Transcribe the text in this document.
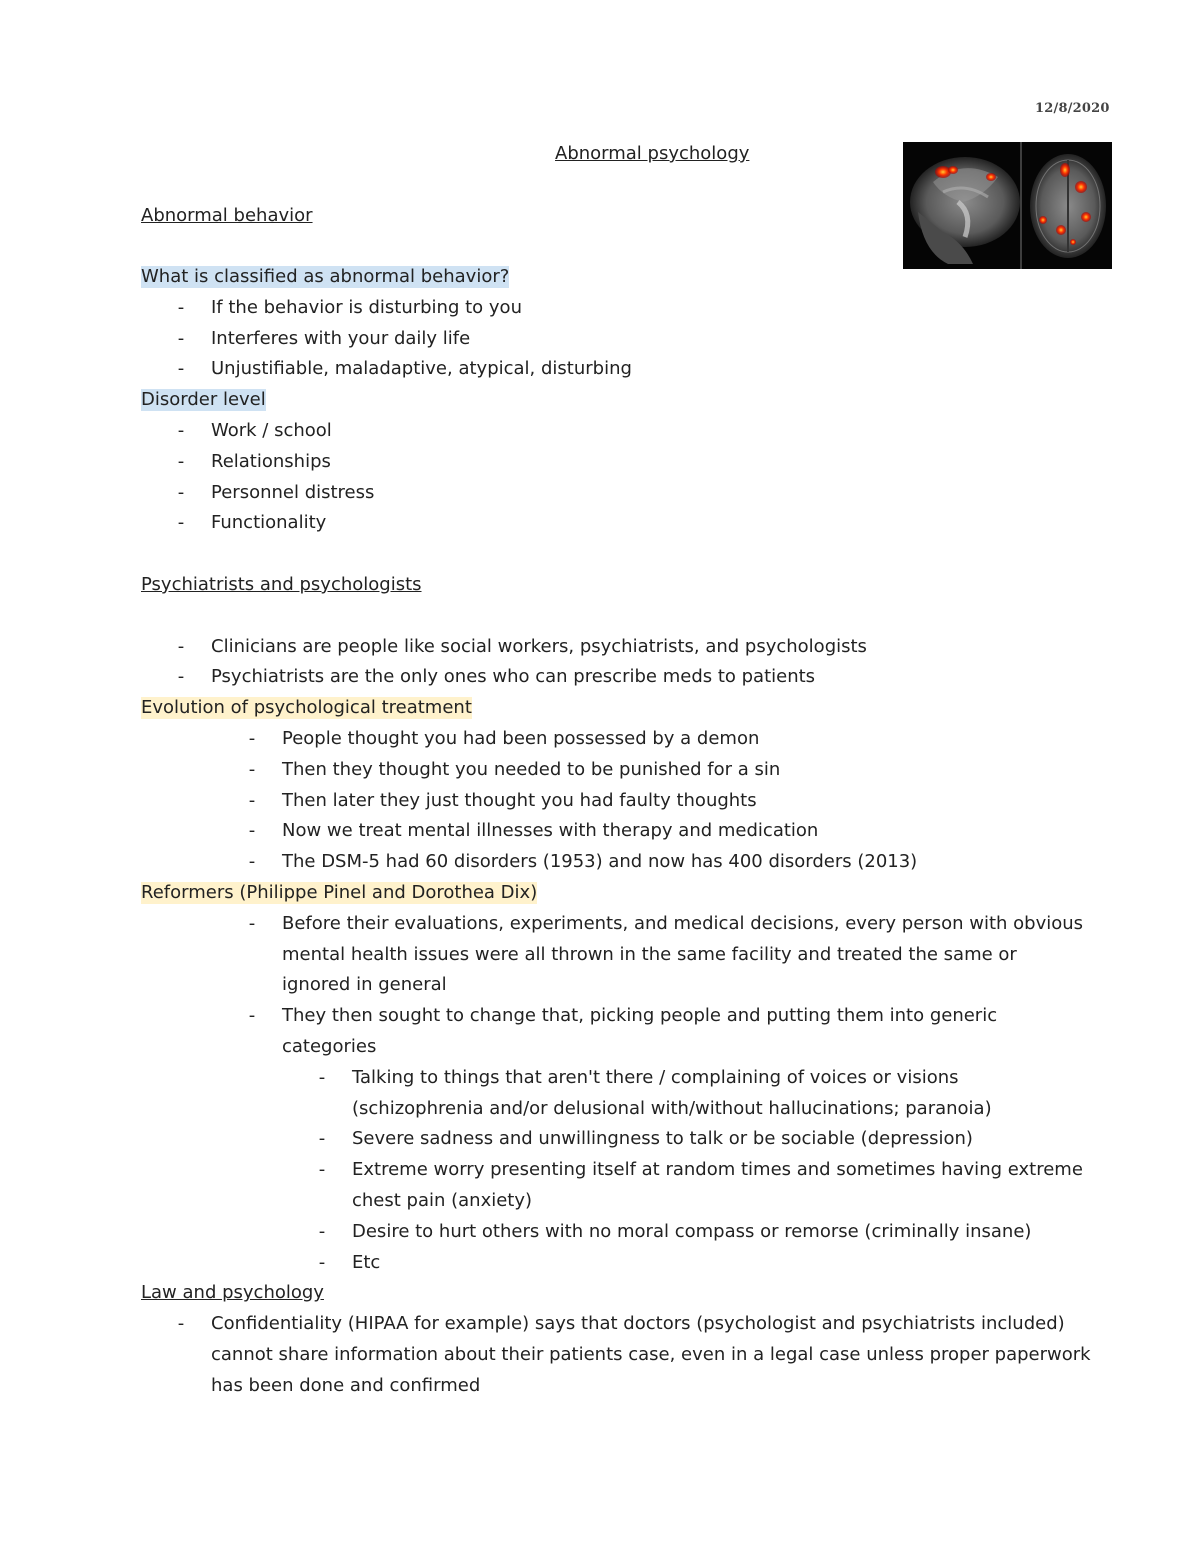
12/8/2020
Abnormal psychology
Abnormal behavior
What is classified as abnormal behavior?
- If the behavior is disturbing to you
- Interferes with your daily life
- Unjustifiable, maladaptive, atypical, disturbing
Disorder level
- Work / school
- Relationships
- Personnel distress
- Functionality
Psychiatrists and psychologists
- Clinicians are people like social workers, psychiatrists, and psychologists
- Psychiatrists are the only ones who can prescribe meds to patients
Evolution of psychological treatment
- People thought you had been possessed by a demon
- Then they thought you needed to be punished for a sin
- Then later they just thought you had faulty thoughts
- Now we treat mental illnesses with therapy and medication
- The DSM-5 had 60 disorders (1953) and now has 400 disorders (2013)
Reformers (Philippe Pinel and Dorothea Dix)
- Before their evaluations, experiments, and medical decisions, every person with obvious
mental health issues were all thrown in the same facility and treated the same or
ignored in general
- They then sought to change that, picking people and putting them into generic
categories
- Talking to things that aren't there / complaining of voices or visions
(schizophrenia and/or delusional with/without hallucinations; paranoia)
- Severe sadness and unwillingness to talk or be sociable (depression)
- Extreme worry presenting itself at random times and sometimes having extreme
chest pain (anxiety)
- Desire to hurt others with no moral compass or remorse (criminally insane)
- Etc
Law and psychology
- Confidentiality (HIPAA for example) says that doctors (psychologist and psychiatrists included)
cannot share information about their patients case, even in a legal case unless proper paperwork
has been done and confirmed
